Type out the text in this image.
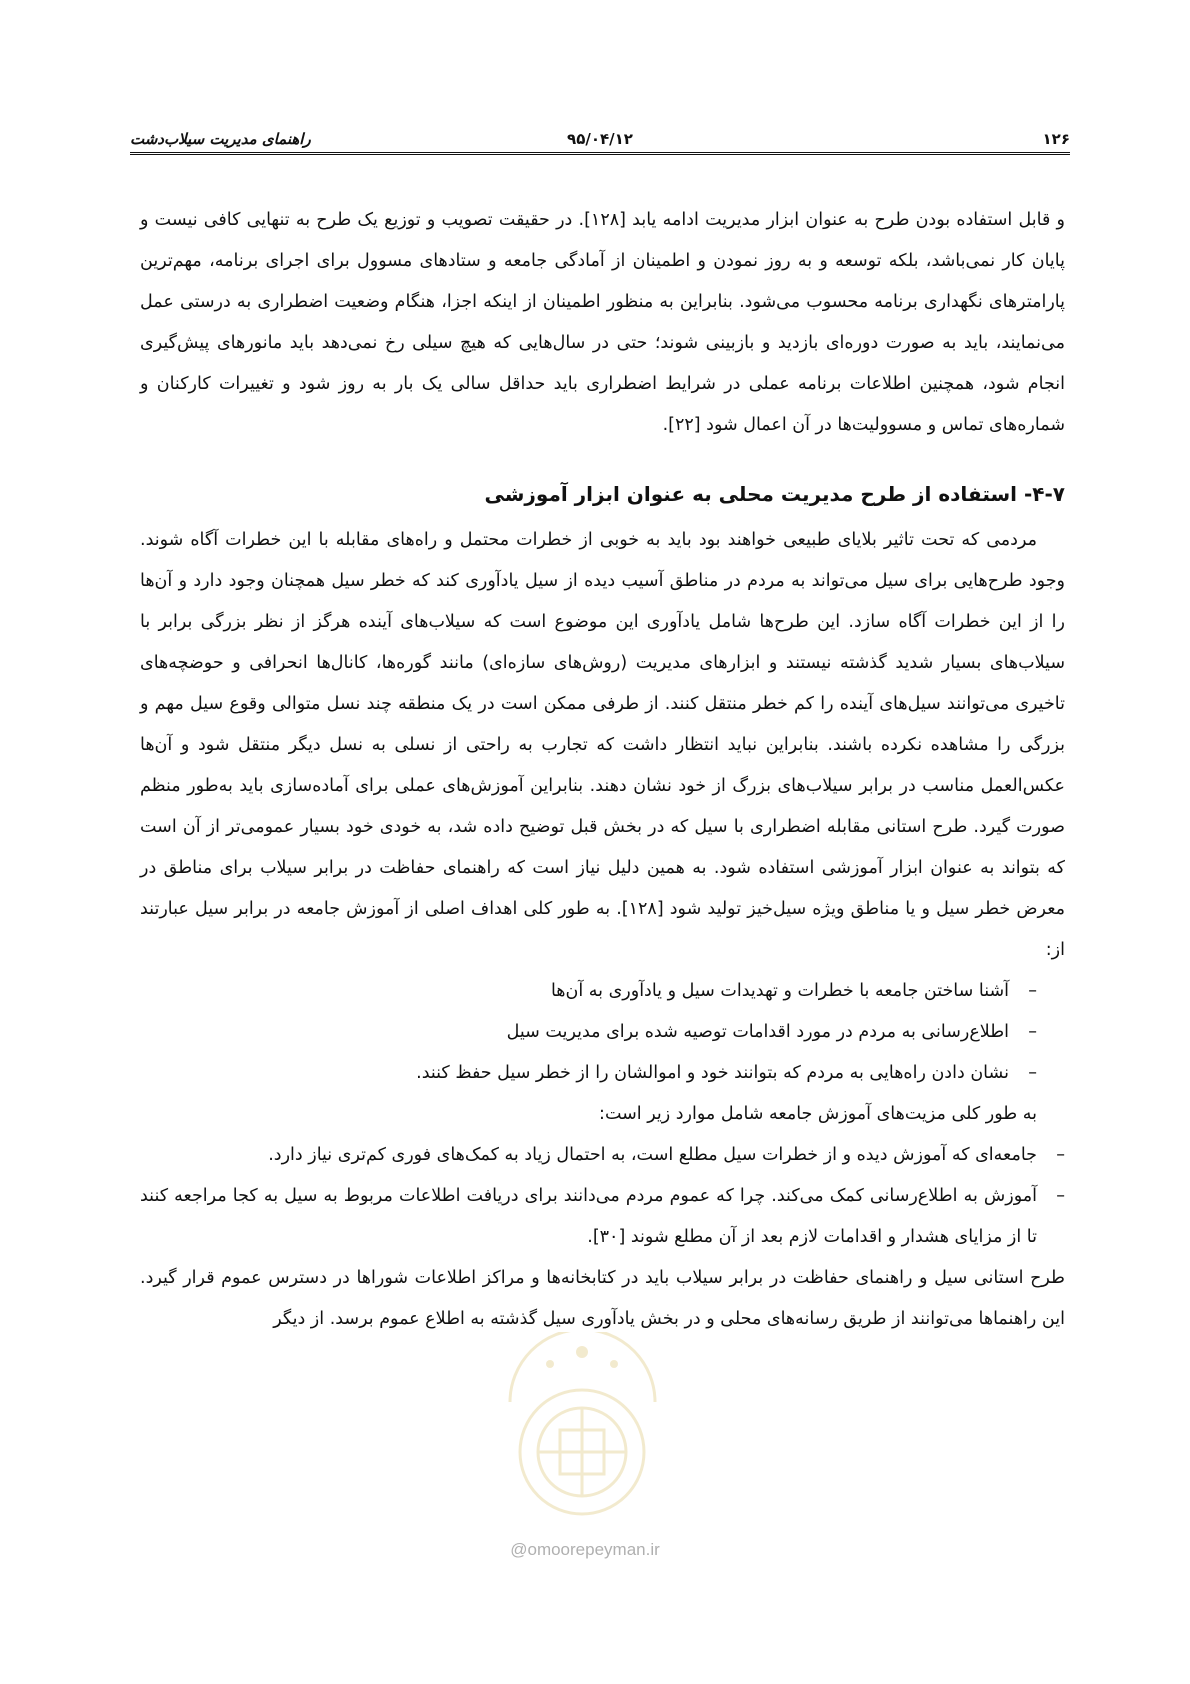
۱۲۶
۹۵/۰۴/۱۲
راهنمای مدیریت سیلاب‌دشت

و قابل استفاده بودن طرح به عنوان ابزار مدیریت ادامه یابد [۱۲۸]. در حقیقت تصویب و توزیع یک طرح به تنهایی کافی نیست و پایان کار نمی‌باشد، بلکه توسعه و به روز نمودن و اطمینان از آمادگی جامعه و ستادهای مسوول برای اجرای برنامه، مهم‌ترین پارامترهای نگهداری برنامه محسوب می‌شود. بنابراین به منظور اطمینان از اینکه اجزا، هنگام وضعیت اضطراری به درستی عمل می‌نمایند، باید به صورت دوره‌ای بازدید و بازبینی شوند؛ حتی در سال‌هایی که هیچ سیلی رخ نمی‌دهد باید مانورهای پیش‌گیری انجام شود، همچنین اطلاعات برنامه عملی در شرایط اضطراری باید حداقل سالی یک بار به روز شود و تغییرات کارکنان و شماره‌های تماس و مسوولیت‌ها در آن اعمال شود [۲۲].

۴-۷- استفاده از طرح مدیریت محلی به عنوان ابزار آموزشی

مردمی که تحت تاثیر بلایای طبیعی خواهند بود باید به خوبی از خطرات محتمل و راه‌های مقابله با این خطرات آگاه شوند. وجود طرح‌هایی برای سیل می‌تواند به مردم در مناطق آسیب دیده از سیل یادآوری کند که خطر سیل همچنان وجود دارد و آن‌ها را از این خطرات آگاه سازد. این طرح‌ها شامل یادآوری این موضوع است که سیلاب‌های آینده هرگز از نظر بزرگی برابر با سیلاب‌های بسیار شدید گذشته نیستند و ابزارهای مدیریت (روش‌های سازه‌ای) مانند گوره‌ها، کانال‌ها انحرافی و حوضچه‌های تاخیری می‌توانند سیل‌های آینده را کم خطر منتقل کنند. از طرفی ممکن است در یک منطقه چند نسل متوالی وقوع سیل مهم و بزرگی را مشاهده نکرده باشند. بنابراین نباید انتظار داشت که تجارب به راحتی از نسلی به نسل دیگر منتقل شود و آن‌ها عکس‌العمل مناسب در برابر سیلاب‌های بزرگ از خود نشان دهند. بنابراین آموزش‌های عملی برای آماده‌سازی باید به‌طور منظم صورت گیرد. طرح استانی مقابله اضطراری با سیل که در بخش قبل توضیح داده شد، به خودی خود بسیار عمومی‌تر از آن است که بتواند به عنوان ابزار آموزشی استفاده شود. به همین دلیل نیاز است که راهنمای حفاظت در برابر سیلاب برای مناطق در معرض خطر سیل و یا مناطق ویژه سیل‌خیز تولید شود [۱۲۸]. به طور کلی اهداف اصلی از آموزش جامعه در برابر سیل عبارتند از:

–
آشنا ساختن جامعه با خطرات و تهدیدات سیل و یادآوری به آن‌ها
–
اطلاع‌رسانی به مردم در مورد اقدامات توصیه شده برای مدیریت سیل
–
نشان دادن راه‌هایی به مردم که بتوانند خود و اموالشان را از خطر سیل حفظ کنند.

به طور کلی مزیت‌های آموزش جامعه شامل موارد زیر است:

–
جامعه‌ای که آموزش دیده و از خطرات سیل مطلع است، به احتمال زیاد به کمک‌های فوری کم‌تری نیاز دارد.
–
آموزش به اطلاع‌رسانی کمک می‌کند. چرا که عموم مردم می‌دانند برای دریافت اطلاعات مربوط به سیل به کجا مراجعه کنند تا از مزایای هشدار و اقدامات لازم بعد از آن مطلع شوند [۳۰].

طرح استانی سیل و راهنمای حفاظت در برابر سیلاب باید در کتابخانه‌ها و مراکز اطلاعات شوراها در دسترس عموم قرار گیرد. این راهنماها می‌توانند از طریق رسانه‌های محلی و در بخش یادآوری سیل گذشته به اطلاع عموم برسد. از دیگر

@omoorepeyman.ir
